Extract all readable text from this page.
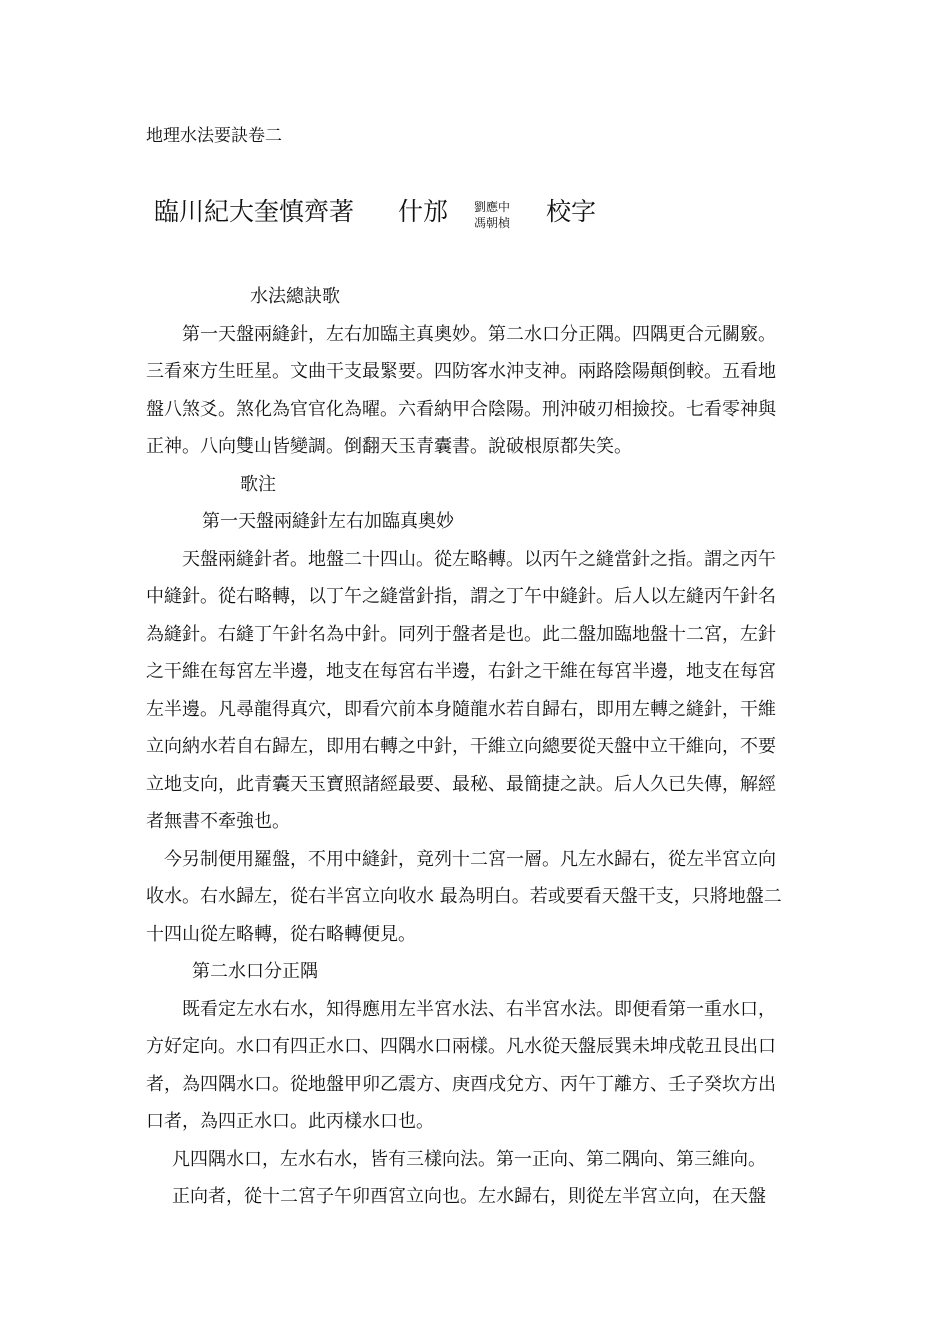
地理水法要訣卷二
臨川紀大奎慎齊著 什邡 劉應中
馮朝楨 校字
水法總訣歌
第一天盤兩縫針，左右加臨主真奧妙。第二水口分正隅。四隅更合元關竅。
三看來方生旺星。文曲干支最緊要。四防客水沖支神。兩路陰陽顛倒較。五看地
盤八煞爻。煞化為官官化為曜。六看納甲合陰陽。刑沖破刃相撿挍。七看零神與
正神。八向雙山皆變調。倒翻天玉青囊書。說破根原都失笑。
歌注
第一天盤兩縫針左右加臨真奧妙
天盤兩縫針者。地盤二十四山。從左略轉。以丙午之縫當針之指。謂之丙午
中縫針。從右略轉，以丁午之縫當針指，謂之丁午中縫針。后人以左縫丙午針名
為縫針。右縫丁午針名為中針。同列于盤者是也。此二盤加臨地盤十二宮，左針
之干維在每宮左半邊，地支在每宮右半邊，右針之干維在每宮半邊，地支在每宮
左半邊。凡尋龍得真穴，即看穴前本身隨龍水若自歸右，即用左轉之縫針，干維
立向納水若自右歸左，即用右轉之中針，干維立向總要從天盤中立干維向，不要
立地支向，此青囊天玉寶照諸經最要、最秘、最簡捷之訣。后人久已失傳，解經
者無書不牽強也。
今另制便用羅盤，不用中縫針，竟列十二宮一層。凡左水歸右，從左半宮立向
收水。右水歸左，從右半宮立向收水 最為明白。若或要看天盤干支，只將地盤二
十四山從左略轉，從右略轉便見。
第二水口分正隅
既看定左水右水，知得應用左半宮水法、右半宮水法。即便看第一重水口，
方好定向。水口有四正水口、四隅水口兩樣。凡水從天盤辰巽未坤戌乾丑艮出口
者，為四隅水口。從地盤甲卯乙震方、庚酉戌兌方、丙午丁離方、壬子癸坎方出
口者，為四正水口。此丙樣水口也。
凡四隅水口，左水右水，皆有三樣向法。第一正向、第二隅向、第三維向。
正向者，從十二宮子午卯酉宮立向也。左水歸右，則從左半宮立向，在天盤
